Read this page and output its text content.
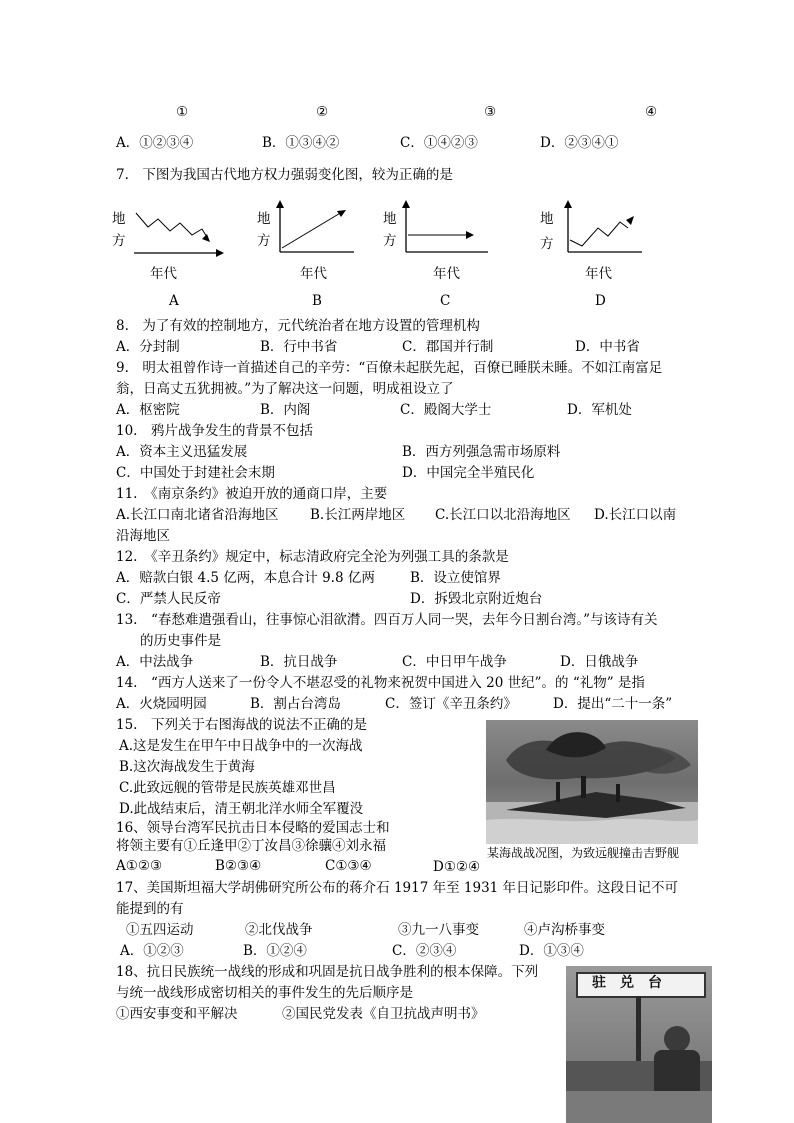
①	②	③	④
A．①②③④	B．①③④②	C．①④②③	D．②③④①
7.　下图为我国古代地方权力强弱变化图，较为正确的是
地
方
年代
A
地
方
年代
B
地
方
年代
C
地
方
年代
D
8.　为了有效的控制地方，元代统治者在地方设置的管理机构
A．分封制	B．行中书省	C．郡国并行制	D．中书省
9.　明太祖曾作诗一首描述自己的辛劳：“百僚未起朕先起，百僚已睡朕未睡。不如江南富足
翁，日高丈五犹拥被。”为了解决这一问题，明成祖设立了
A．枢密院	B．内阁	C．殿阁大学士	D．军机处
10.　鸦片战争发生的背景不包括
A．资本主义迅猛发展	B．西方列强急需市场原料
C．中国处于封建社会末期	D．中国完全半殖民化
11.　《南京条约》被迫开放的通商口岸，主要
A.长江口南北诸省沿海地区 B.长江两岸地区 C.长江口以北沿海地区 D.长江口以南
沿海地区
12.　《辛丑条约》规定中，标志清政府完全沦为列强工具的条款是
A．赔款白银 4.5 亿两，本息合计 9.8 亿两	B．设立使馆界
C．严禁人民反帝	D．拆毁北京附近炮台
13.　“春愁难遣强看山，往事惊心泪欲潸。四百万人同一哭，去年今日割台湾。”与该诗有关
的历史事件是
A．中法战争	B．抗日战争	C．中日甲午战争	D．日俄战争
14.　“西方人送来了一份令人不堪忍受的礼物来祝贺中国进入 20 世纪”。的 “礼物” 是指
A．火烧园明园	B．割占台湾岛	C．签订《辛丑条约》	D．提出“二十一条”
15.　下列关于右图海战的说法不正确的是
A.这是发生在甲午中日战争中的一次海战
B.这次海战发生于黄海
C.此致远舰的管带是民族英雄邓世昌
D.此战结束后，清王朝北洋水师全军覆没
某海战战况图，为致远舰撞击吉野舰
16、领导台湾军民抗击日本侵略的爱国志士和
将领主要有①丘逢甲②丁汝昌③徐骧④刘永福
A①②③	B②③④	C①③④	D①②④
17、美国斯坦福大学胡佛研究所公布的蒋介石 1917 年至 1931 年日记影印件。这段日记不可
能提到的有
①五四运动	②北伐战争	③九一八事变	④卢沟桥事变
A．①②③	B．①②④	C．②③④	D．①③④
18、抗日民族统一战线的形成和巩固是抗日战争胜利的根本保障。下列
与统一战线形成密切相关的事件发生的先后顺序是
①西安事变和平解决	②国民党发表《自卫抗战声明书》
驻　兑　台
